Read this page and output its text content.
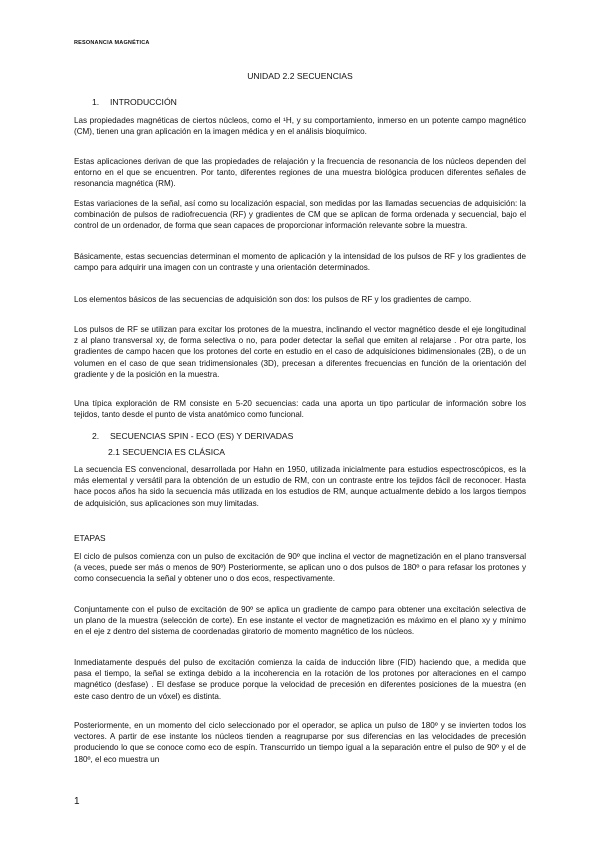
RESONANCIA MAGNÉTICA
UNIDAD 2.2 SECUENCIAS
1. INTRODUCCIÓN

Las propiedades magnéticas de ciertos núcleos, como el ¹H, y su comportamiento, inmerso en un potente campo magnético (CM), tienen una gran aplicación en la imagen médica y en el análisis bioquímico.

Estas aplicaciones derivan de que las propiedades de relajación y la frecuencia de resonancia de los núcleos dependen del entorno en el que se encuentren. Por tanto, diferentes regiones de una muestra biológica producen diferentes señales de resonancia magnética (RM).

Estas variaciones de la señal, así como su localización espacial, son medidas por las llamadas secuencias de adquisición: la combinación de pulsos de radiofrecuencia (RF) y gradientes de CM que se aplican de forma ordenada y secuencial, bajo el control de un ordenador, de forma que sean capaces de proporcionar información relevante sobre la muestra.

Básicamente, estas secuencias determinan el momento de aplicación y la intensidad de los pulsos de RF y los gradientes de campo para adquirir una imagen con un contraste y una orientación determinados.

Los elementos básicos de las secuencias de adquisición son dos: los pulsos de RF y los gradientes de campo.

Los pulsos de RF se utilizan para excitar los protones de la muestra, inclinando el vector magnético desde el eje longitudinal z al plano transversal xy, de forma selectiva o no, para poder detectar la señal que emiten al relajarse . Por otra parte, los gradientes de campo hacen que los protones del corte en estudio en el caso de adquisiciones bidimensionales (2B), o de un volumen en el caso de que sean tridimensionales (3D), precesan a diferentes frecuencias en función de la orientación del gradiente y de la posición en la muestra.

Una típica exploración de RM consiste en 5-20 secuencias: cada una aporta un tipo particular de información sobre los tejidos, tanto desde el punto de vista anatómico como funcional.

2. SECUENCIAS SPIN - ECO (ES) Y DERIVADAS
2.1 SECUENCIA ES CLÁSICA

La secuencia ES convencional, desarrollada por Hahn en 1950, utilizada inicialmente para estudios espectroscópicos, es la más elemental y versátil para la obtención de un estudio de RM, con un contraste entre los tejidos fácil de reconocer. Hasta hace pocos años ha sido la secuencia más utilizada en los estudios de RM, aunque actualmente debido a los largos tiempos de adquisición, sus aplicaciones son muy limitadas.

ETAPAS

El ciclo de pulsos comienza con un pulso de excitación de 90º que inclina el vector de magnetización en el plano transversal (a veces, puede ser más o menos de 90º) Posteriormente, se aplican uno o dos pulsos de 180º o para refasar los protones y como consecuencia la señal y obtener uno o dos ecos, respectivamente.

Conjuntamente con el pulso de excitación de 90º se aplica un gradiente de campo para obtener una excitación selectiva de un plano de la muestra (selección de corte). En ese instante el vector de magnetización es máximo en el plano xy y mínimo en el eje z dentro del sistema de coordenadas giratorio de momento magnético de los núcleos.

Inmediatamente después del pulso de excitación comienza la caída de inducción libre (FID) haciendo que, a medida que pasa el tiempo, la señal se extinga debido a la incoherencia en la rotación de los protones por alteraciones en el campo magnético (desfase) . El desfase se produce porque la velocidad de precesión en diferentes posiciones de la muestra (en este caso dentro de un vóxel) es distinta.

Posteriormente, en un momento del ciclo seleccionado por el operador, se aplica un pulso de 180º y se invierten todos los vectores. A partir de ese instante los núcleos tienden a reagruparse por sus diferencias en las velocidades de precesión produciendo lo que se conoce como eco de espín. Transcurrido un tiempo igual a la separación entre el pulso de 90º y el de 180º, el eco muestra un

1
